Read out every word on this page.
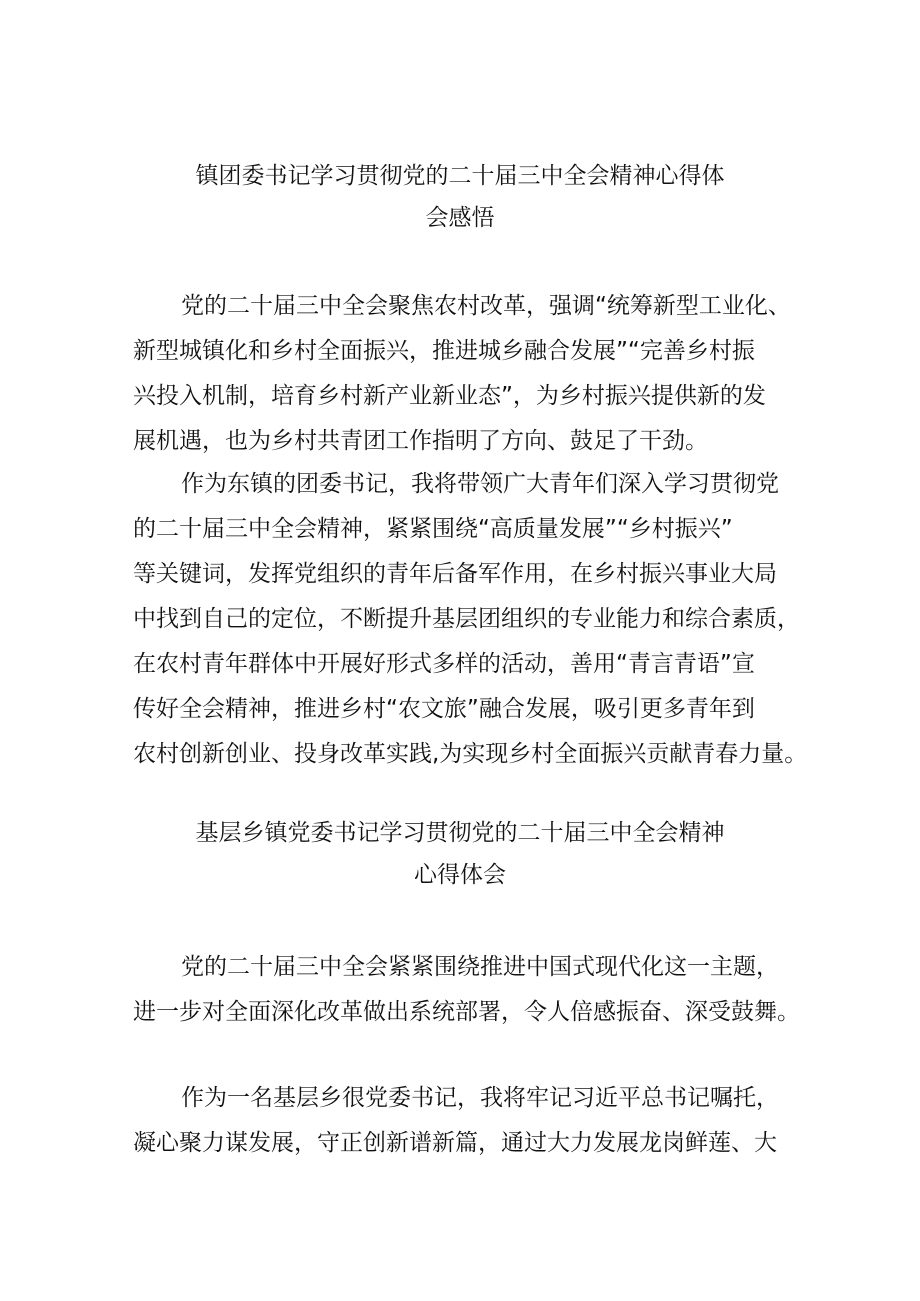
镇团委书记学习贯彻党的二十届三中全会精神心得体
会感悟

党的二十届三中全会聚焦农村改革，强调“统筹新型工业化、
新型城镇化和乡村全面振兴，推进城乡融合发展”“完善乡村振
兴投入机制，培育乡村新产业新业态”，为乡村振兴提供新的发
展机遇，也为乡村共青团工作指明了方向、鼓足了干劲。

作为东镇的团委书记，我将带领广大青年们深入学习贯彻党
的二十届三中全会精神，紧紧围绕“高质量发展”“乡村振兴”
等关键词，发挥党组织的青年后备军作用，在乡村振兴事业大局
中找到自己的定位，不断提升基层团组织的专业能力和综合素质，
在农村青年群体中开展好形式多样的活动，善用“青言青语”宣
传好全会精神，推进乡村“农文旅”融合发展，吸引更多青年到
农村创新创业、投身改革实践,为实现乡村全面振兴贡献青春力量。

基层乡镇党委书记学习贯彻党的二十届三中全会精神
心得体会

党的二十届三中全会紧紧围绕推进中国式现代化这一主题，
进一步对全面深化改革做出系统部署，令人倍感振奋、深受鼓舞。

作为一名基层乡很党委书记，我将牢记习近平总书记嘱托，
凝心聚力谋发展，守正创新谱新篇，通过大力发展龙岗鲜莲、大
